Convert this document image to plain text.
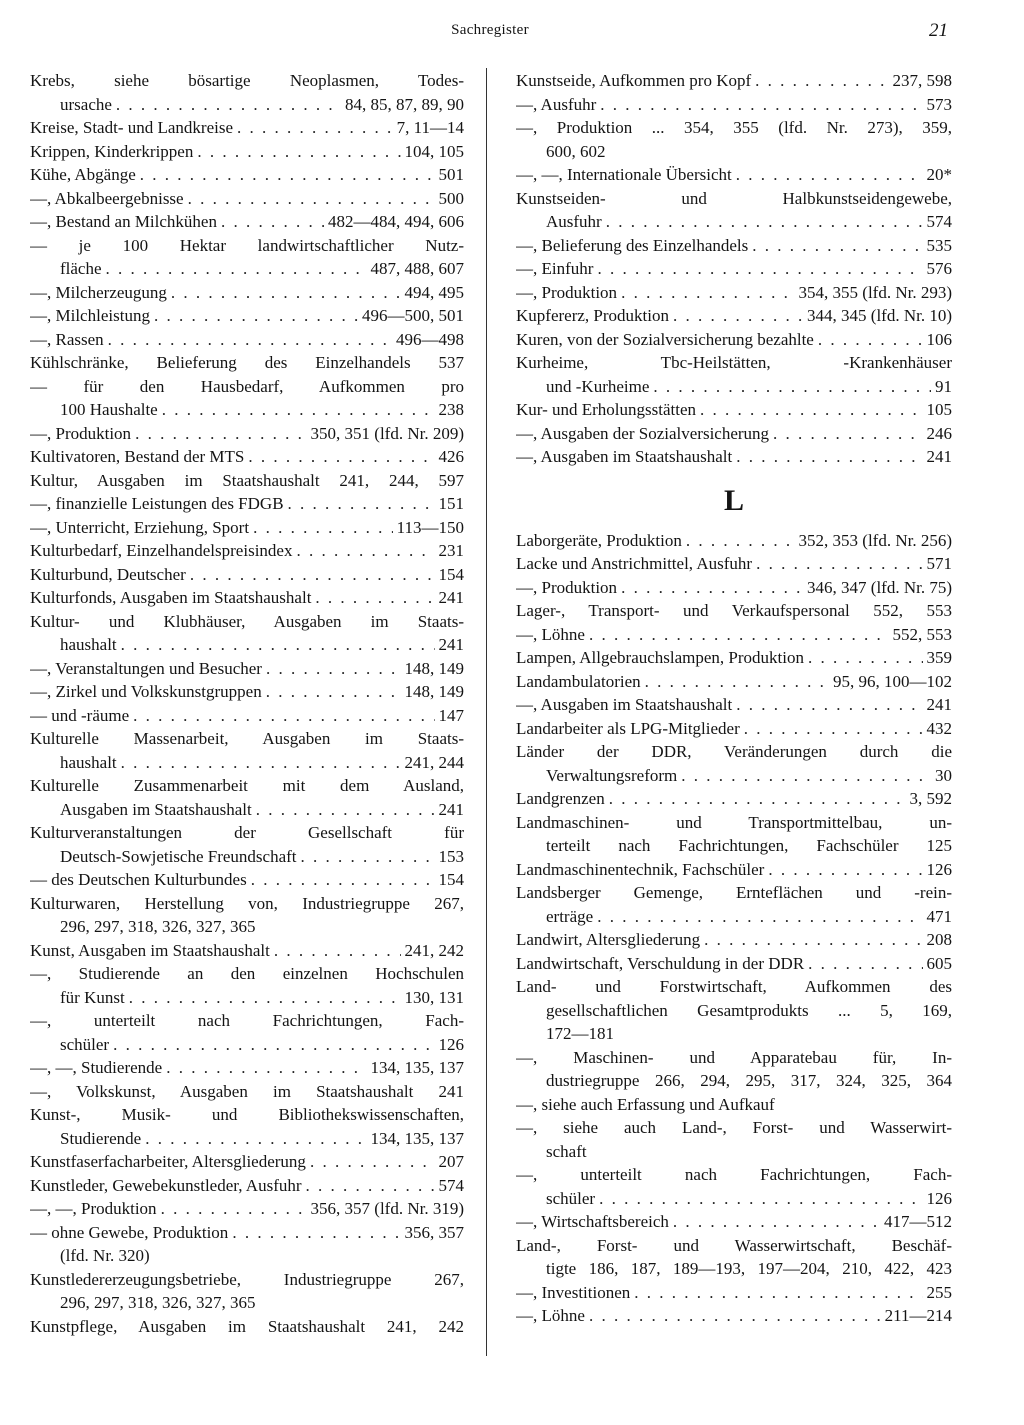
Sachregister	21
Krebs, siehe bösartige Neoplasmen, Todes-
ursache . . .	84, 85, 87, 89, 90
Kreise, Stadt- und Landkreise . . .	7, 11—14
Krippen, Kinderkrippen . . .	104, 105
Kühe, Abgänge . . .	501
—, Abkalbeergebnisse . . .	500
—, Bestand an Milchkühen . . .	482—484, 494, 606
— je 100 Hektar landwirtschaftlicher Nutz-
fläche . . .	487, 488, 607
—, Milcherzeugung . . .	494, 495
—, Milchleistung . . .	496—500, 501
—, Rassen . . .	496—498
Kühlschränke, Belieferung des Einzelhandels 537
— für den Hausbedarf, Aufkommen pro
100 Haushalte . . .	238
—, Produktion . . .	350, 351 (lfd. Nr. 209)
Kultivatoren, Bestand der MTS . . .	426
Kultur, Ausgaben im Staatshaushalt 241, 244, 597
—, finanzielle Leistungen des FDGB . . .	151
—, Unterricht, Erziehung, Sport . . .	113—150
Kulturbedarf, Einzelhandelspreisindex . . .	231
Kulturbund, Deutscher . . .	154
Kulturfonds, Ausgaben im Staatshaushalt . . .	241
Kultur- und Klubhäuser, Ausgaben im Staats-
haushalt . . .	241
—, Veranstaltungen und Besucher . . .	148, 149
—, Zirkel und Volkskunstgruppen . . .	148, 149
— und -räume . . .	147
Kulturelle Massenarbeit, Ausgaben im Staats-
haushalt . . .	241, 244
Kulturelle Zusammenarbeit mit dem Ausland,
Ausgaben im Staatshaushalt . . .	241
Kulturveranstaltungen der Gesellschaft für
Deutsch-Sowjetische Freundschaft . . .	153
— des Deutschen Kulturbundes . . .	154
Kulturwaren, Herstellung von, Industriegruppe 267,
296, 297, 318, 326, 327, 365
Kunst, Ausgaben im Staatshaushalt . . .	241, 242
—, Studierende an den einzelnen Hochschulen
für Kunst . . .	130, 131
—, unterteilt nach Fachrichtungen, Fach-
schüler . . .	126
—, —, Studierende . . .	134, 135, 137
—, Volkskunst, Ausgaben im Staatshaushalt 241
Kunst-, Musik- und Bibliothekswissenschaften,
Studierende . . .	134, 135, 137
Kunstfaserfacharbeiter, Altersgliederung . . .	207
Kunstleder, Gewebekunstleder, Ausfuhr . . .	574
—, —, Produktion . . .	356, 357 (lfd. Nr. 319)
— ohne Gewebe, Produktion . . .	356, 357
(lfd. Nr. 320)
Kunstledererzeugungsbetriebe, Industriegruppe 267,
296, 297, 318, 326, 327, 365
Kunstpflege, Ausgaben im Staatshaushalt 241, 242
Kunstseide, Aufkommen pro Kopf . . .	237, 598
—, Ausfuhr . . .	573
—, Produktion ... 354, 355 (lfd. Nr. 273), 359,
600, 602
—, —, Internationale Übersicht . . .	20*
Kunstseiden- und Halbkunstseidengewebe,
Ausfuhr . . .	574
—, Belieferung des Einzelhandels . . .	535
—, Einfuhr . . .	576
—, Produktion . . .	354, 355 (lfd. Nr. 293)
Kupfererz, Produktion . . .	344, 345 (lfd. Nr. 10)
Kuren, von der Sozialversicherung bezahlte . . .	106
Kurheime, Tbc-Heilstätten, -Krankenhäuser
und -Kurheime . . .	91
Kur- und Erholungsstätten . . .	105
—, Ausgaben der Sozialversicherung . . .	246
—, Ausgaben im Staatshaushalt . . .	241
L
Laborgeräte, Produktion . . .	352, 353 (lfd. Nr. 256)
Lacke und Anstrichmittel, Ausfuhr . . .	571
—, Produktion . . .	346, 347 (lfd. Nr. 75)
Lager-, Transport- und Verkaufspersonal 552, 553
—, Löhne . . .	552, 553
Lampen, Allgebrauchslampen, Produktion . . .	359
Landambulatorien . . .	95, 96, 100—102
—, Ausgaben im Staatshaushalt . . .	241
Landarbeiter als LPG-Mitglieder . . .	432
Länder der DDR, Veränderungen durch die
Verwaltungsreform . . .	30
Landgrenzen . . .	3, 592
Landmaschinen- und Transportmittelbau, un-
terteilt nach Fachrichtungen, Fachschüler 125
Landmaschinentechnik, Fachschüler . . .	126
Landsberger Gemenge, Ernteflächen und -rein-
erträge . . .	471
Landwirt, Altersgliederung . . .	208
Landwirtschaft, Verschuldung in der DDR . . .	605
Land- und Forstwirtschaft, Aufkommen des
gesellschaftlichen Gesamtprodukts ... 5, 169,
172—181
—, Maschinen- und Apparatebau für, In-
dustriegruppe 266, 294, 295, 317, 324, 325, 364
—, siehe auch Erfassung und Aufkauf
—, siehe auch Land-, Forst- und Wasserwirt-
schaft
—, unterteilt nach Fachrichtungen, Fach-
schüler . . .	126
—, Wirtschaftsbereich . . .	417—512
Land-, Forst- und Wasserwirtschaft, Beschäf-
tigte 186, 187, 189—193, 197—204, 210, 422, 423
—, Investitionen . . .	255
—, Löhne . . .	211—214
